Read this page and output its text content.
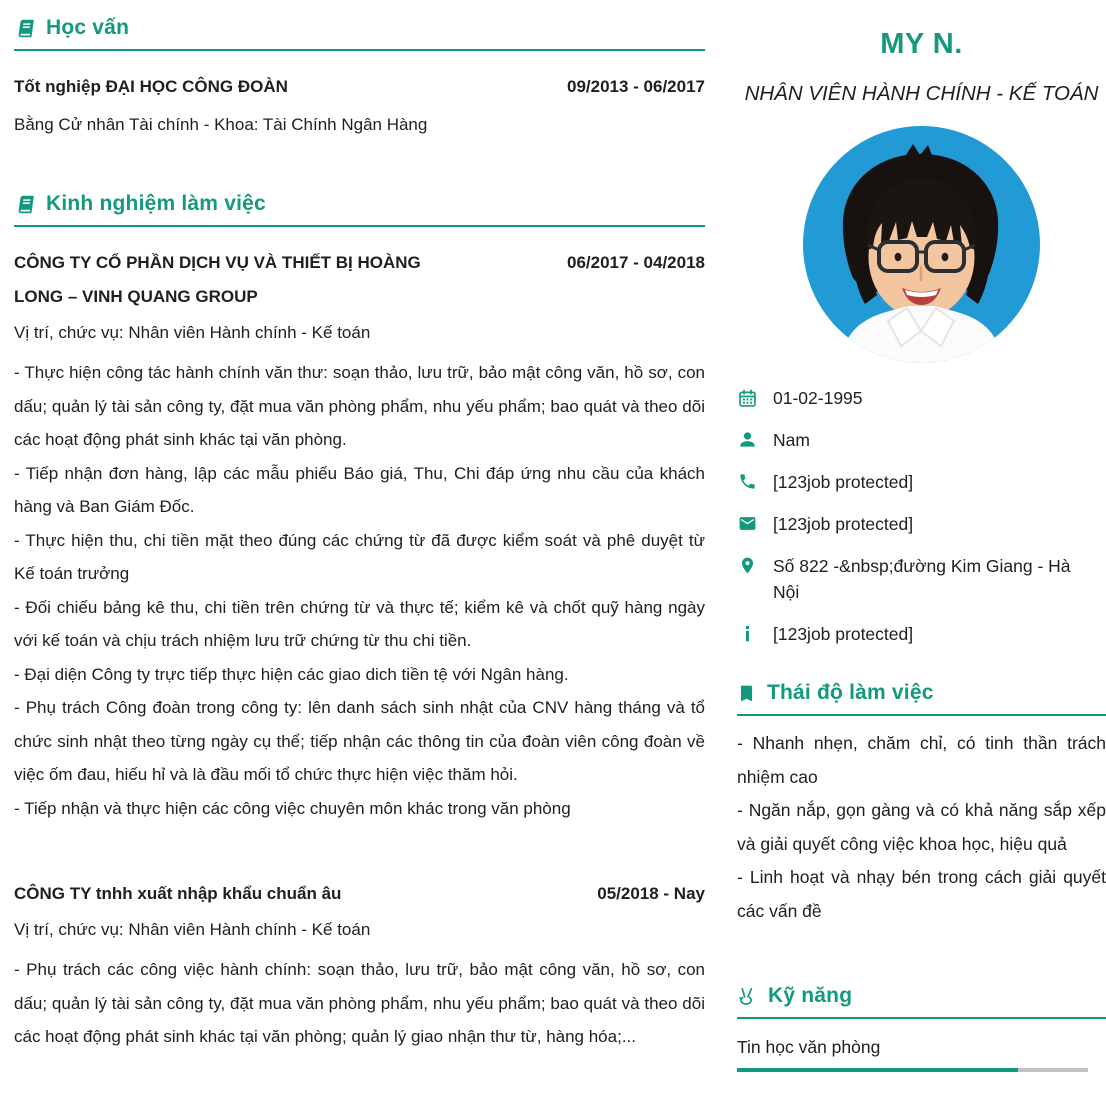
Học vấn
Tốt nghiệp ĐẠI HỌC CÔNG ĐOÀN	09/2013 - 06/2017

Bằng Cử nhân Tài chính - Khoa: Tài Chính Ngân Hàng

Kinh nghiệm làm việc
CÔNG TY CỔ PHẦN DỊCH VỤ VÀ THIẾT BỊ HOÀNG LONG – VINH QUANG GROUP
06/2017 - 04/2018

Vị trí, chức vụ: Nhân viên Hành chính - Kế toán

- Thực hiện công tác hành chính văn thư: soạn thảo, lưu trữ, bảo mật công văn, hồ sơ, con dấu; quản lý tài sản công ty, đặt mua văn phòng phẩm, nhu yếu phẩm; bao quát và theo dõi các hoạt động phát sinh khác tại văn phòng.

- Tiếp nhận đơn hàng, lập các mẫu phiếu Báo giá, Thu, Chi đáp ứng nhu cầu của khách hàng và Ban Giám Đốc.

- Thực hiện thu, chi tiền mặt theo đúng các chứng từ đã được kiểm soát và phê duyệt từ Kế toán trưởng

- Đối chiếu bảng kê thu, chi tiền trên chứng từ và thực tế; kiểm kê và chốt quỹ hàng ngày với kế toán và chịu trách nhiệm lưu trữ chứng từ thu chi tiền.

- Đại diện Công ty trực tiếp thực hiện các giao dich tiền tệ với Ngân hàng.

- Phụ trách Công đoàn trong công ty: lên danh sách sinh nhật của CNV hàng tháng và tổ chức sinh nhật theo từng ngày cụ thể; tiếp nhận các thông tin của đoàn viên công đoàn về việc ốm đau, hiếu hỉ và là đầu mối tổ chức thực hiện việc thăm hỏi.

- Tiếp nhận và thực hiện các công việc chuyên môn khác trong văn phòng

CÔNG TY tnhh xuất nhập khẩu chuẩn âu	05/2018 - Nay

Vị trí, chức vụ: Nhân viên Hành chính - Kế toán

- Phụ trách các công việc hành chính: soạn thảo, lưu trữ, bảo mật công văn, hồ sơ, con dấu; quản lý tài sản công ty, đặt mua văn phòng phẩm, nhu yếu phẩm; bao quát và theo dõi các hoạt động phát sinh khác tại văn phòng; quản lý giao nhận thư từ, hàng hóa;...

MY N.
NHÂN VIÊN HÀNH CHÍNH - KẾ TOÁN
01-02-1995
Nam
[123job protected]
[123job protected]
Số 822 -&nbsp;đường Kim Giang - Hà Nội
[123job protected]
Thái độ làm việc

- Nhanh nhẹn, chăm chỉ, có tinh thần trách nhiệm cao

- Ngăn nắp, gọn gàng và có khả năng sắp xếp và giải quyết công việc khoa học, hiệu quả

- Linh hoạt và nhạy bén trong cách giải quyết các vấn đề

Kỹ năng

Tin học văn phòng
